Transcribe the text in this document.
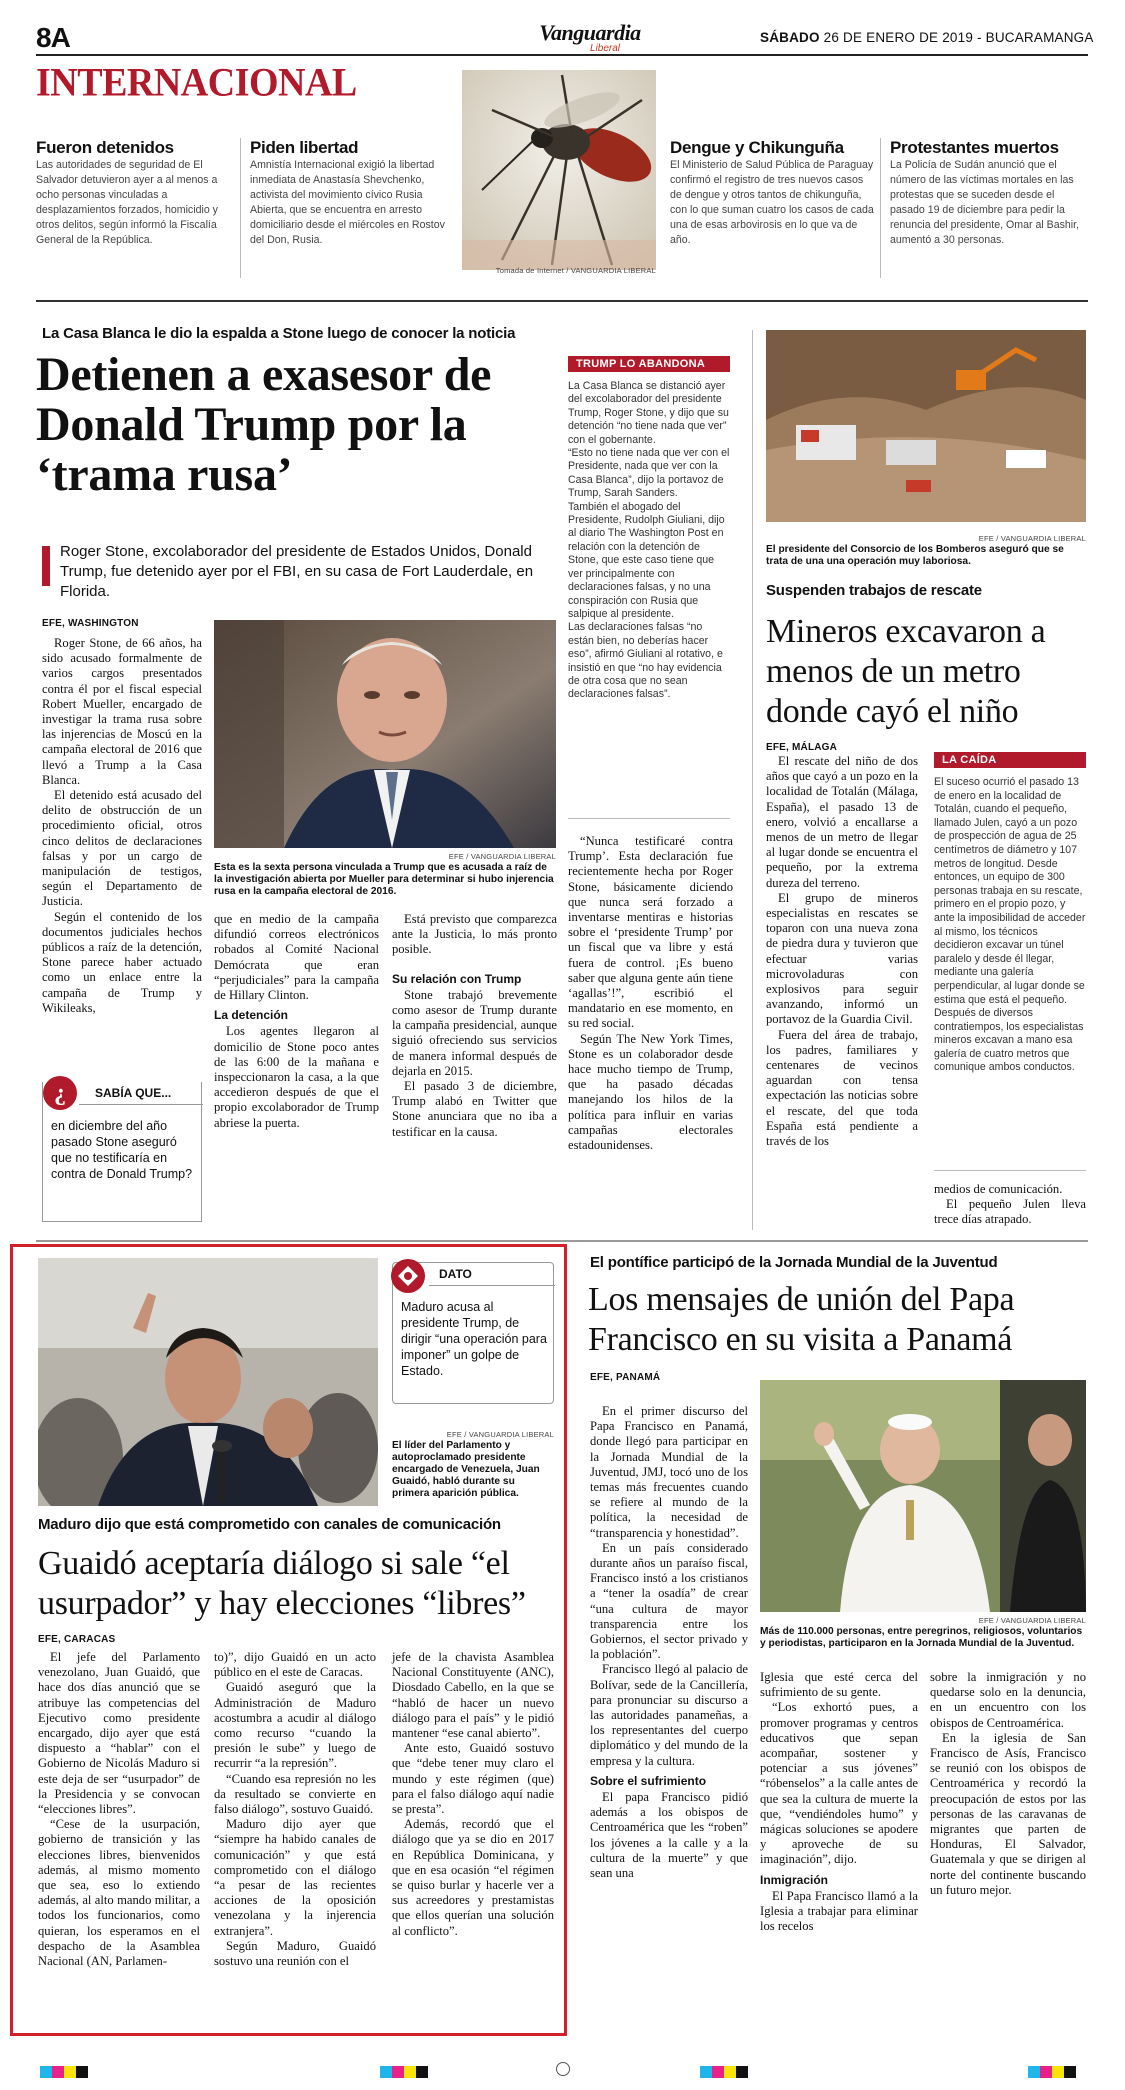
8A	Vanguardia
Liberal
SÁBADO 26 DE ENERO DE 2019 - BUCARAMANGA
INTERNACIONAL
Fueron detenidos
Las autoridades de seguridad de El Salvador detuvieron ayer a al menos a ocho personas vinculadas a desplazamientos forzados, homicidio y otros delitos, según informó la Fiscalía General de la República.
Piden libertad
Amnistía Internacional exigió la libertad inmediata de Anastasía Shevchenko, activista del movimiento cívico Rusia Abierta, que se encuentra en arresto domiciliario desde el miércoles en Rostov del Don, Rusia.
Tomada de Internet / VANGUARDIA LIBERAL
Dengue y Chikunguña
El Ministerio de Salud Pública de Paraguay confirmó el registro de tres nuevos casos de dengue y otros tantos de chikunguña, con lo que suman cuatro los casos de cada una de esas arbovirosis en lo que va de año.
Protestantes muertos
La Policía de Sudán anunció que el número de las víctimas mortales en las protestas que se suceden desde el pasado 19 de diciembre para pedir la renuncia del presidente, Omar al Bashir, aumentó a 30 personas.
La Casa Blanca le dio la espalda a Stone luego de conocer la noticia
Detienen a exasesor de Donald Trump por la ‘trama rusa’
Roger Stone, excolaborador del presidente de Estados Unidos, Donald Trump, fue detenido ayer por el FBI, en su casa de Fort Lauderdale, en Florida.
EFE, WASHINGTON

Roger Stone, de 66 años, ha sido acusado formalmente de varios cargos presentados contra él por el fiscal especial Robert Mueller, encargado de investigar la trama rusa sobre las injerencias de Moscú en la campaña electoral de 2016 que llevó a Trump a la Casa Blanca.

El detenido está acusado del delito de obstrucción de un procedimiento oficial, otros cinco delitos de declaraciones falsas y por un cargo de manipulación de testigos, según el Departamento de Justicia.

Según el contenido de los documentos judiciales hechos públicos a raíz de la detención, Stone parece haber actuado como un enlace entre la campaña de Trump y Wikileaks,

¿	SABÍA QUE...
en diciembre del año pasado Stone aseguró que no testificaría en contra de Donald Trump?
EFE / VANGUARDIA LIBERAL
Esta es la sexta persona vinculada a Trump que es acusada a raíz de la investigación abierta por Mueller para determinar si hubo injerencia rusa en la campaña electoral de 2016.

que en medio de la campaña difundió correos electrónicos robados al Comité Nacional Demócrata que eran “perjudiciales” para la campaña de Hillary Clinton.

La detención

Los agentes llegaron al domicilio de Stone poco antes de las 6:00 de la mañana e inspeccionaron la casa, a la que accedieron después de que el propio excolaborador de Trump abriese la puerta.

Está previsto que comparezca ante la Justicia, lo más pronto posible.

Su relación con Trump

Stone trabajó brevemente como asesor de Trump durante la campaña presidencial, aunque siguió ofreciendo sus servicios de manera informal después de dejarla en 2015.

El pasado 3 de diciembre, Trump alabó en Twitter que Stone anunciara que no iba a testificar en la causa.

TRUMP LO ABANDONA

La Casa Blanca se distanció ayer del excolaborador del presidente Trump, Roger Stone, y dijo que su detención “no tiene nada que ver” con el gobernante.

“Esto no tiene nada que ver con el Presidente, nada que ver con la Casa Blanca”, dijo la portavoz de Trump, Sarah Sanders.

También el abogado del Presidente, Rudolph Giuliani, dijo al diario The Washington Post en relación con la detención de Stone, que este caso tiene que ver principalmente con declaraciones falsas, y no una conspiración con Rusia que salpique al presidente.

Las declaraciones falsas “no están bien, no deberías hacer eso”, afirmó Giuliani al rotativo, e insistió en que “no hay evidencia de otra cosa que no sean declaraciones falsas”.

“Nunca testificaré contra Trump’. Esta declaración fue recientemente hecha por Roger Stone, básicamente diciendo que nunca será forzado a inventarse mentiras e historias sobre el ‘presidente Trump’ por un fiscal que va libre y está fuera de control. ¡Es bueno saber que alguna gente aún tiene ‘agallas’!”, escribió el mandatario en ese momento, en su red social.

Según The New York Times, Stone es un colaborador desde hace mucho tiempo de Trump, que ha pasado décadas manejando los hilos de la política para influir en varias campañas electorales estadounidenses.

EFE / VANGUARDIA LIBERAL
El presidente del Consorcio de los Bomberos aseguró que se trata de una una operación muy laboriosa.
Suspenden trabajos de rescate
Mineros excavaron a menos de un metro donde cayó el niño
EFE, MÁLAGA

El rescate del niño de dos años que cayó a un pozo en la localidad de Totalán (Málaga, España), el pasado 13 de enero, volvió a encallarse a menos de un metro de llegar al lugar donde se encuentra el pequeño, por la extrema dureza del terreno.

El grupo de mineros especialistas en rescates se toparon con una nueva zona de piedra dura y tuvieron que efectuar varias microvoladuras con explosivos para seguir avanzando, informó un portavoz de la Guardia Civil.

Fuera del área de trabajo, los padres, familiares y centenares de vecinos aguardan con tensa expectación las noticias sobre el rescate, del que toda España está pendiente a través de los

LA CAÍDA

El suceso ocurrió el pasado 13 de enero en la localidad de Totalán, cuando el pequeño, llamado Julen, cayó a un pozo de prospección de agua de 25 centímetros de diámetro y 107 metros de longitud. Desde entonces, un equipo de 300 personas trabaja en su rescate, primero en el propio pozo, y ante la imposibilidad de acceder al mismo, los técnicos decidieron excavar un túnel paralelo y desde él llegar, mediante una galería perpendicular, al lugar donde se estima que está el pequeño.

Después de diversos contratiempos, los especialistas mineros excavan a mano esa galería de cuatro metros que comunique ambos conductos.

medios de comunicación.

El pequeño Julen lleva trece días atrapado.

DATO
Maduro acusa al presidente Trump, de dirigir “una operación para imponer” un golpe de Estado.
EFE / VANGUARDIA LIBERAL
El líder del Parlamento y autoproclamado presidente encargado de Venezuela, Juan Guaidó, habló durante su primera aparición pública.
Maduro dijo que está comprometido con canales de comunicación
Guaidó aceptaría diálogo si sale “el usurpador” y hay elecciones “libres”
EFE, CARACAS

El jefe del Parlamento venezolano, Juan Guaidó, que hace dos días anunció que se atribuye las competencias del Ejecutivo como presidente encargado, dijo ayer que está dispuesto a “hablar” con el Gobierno de Nicolás Maduro si este deja de ser “usurpador” de la Presidencia y se convocan “elecciones libres”.

“Cese de la usurpación, gobierno de transición y las elecciones libres, bienvenidos además, al mismo momento que sea, eso lo extiendo además, al alto mando militar, a todos los funcionarios, como quieran, los esperamos en el despacho de la Asamblea Nacional (AN, Parlamen-

to)”, dijo Guaidó en un acto público en el este de Caracas.

Guaidó aseguró que la Administración de Maduro acostumbra a acudir al diálogo como recurso “cuando la presión le sube” y luego de recurrir “a la represión”.

“Cuando esa represión no les da resultado se convierte en falso diálogo”, sostuvo Guaidó.

Maduro dijo ayer que “siempre ha habido canales de comunicación” y que está comprometido con el diálogo “a pesar de las recientes acciones de la oposición venezolana y la injerencia extranjera”.

Según Maduro, Guaidó sostuvo una reunión con el

jefe de la chavista Asamblea Nacional Constituyente (ANC), Diosdado Cabello, en la que se “habló de hacer un nuevo diálogo para el país” y le pidió mantener “ese canal abierto”.

Ante esto, Guaidó sostuvo que “debe tener muy claro el mundo y este régimen (que) para el falso diálogo aquí nadie se presta”.

Además, recordó que el diálogo que ya se dio en 2017 en República Dominicana, y que en esa ocasión “el régimen se quiso burlar y hacerle ver a sus acreedores y prestamistas que ellos querían una solución al conflicto”.

El pontífice participó de la Jornada Mundial de la Juventud
Los mensajes de unión del Papa Francisco en su visita a Panamá
EFE, PANAMÁ

En el primer discurso del Papa Francisco en Panamá, donde llegó para participar en la Jornada Mundial de la Juventud, JMJ, tocó uno de los temas más frecuentes cuando se refiere al mundo de la política, la necesidad de “transparencia y honestidad”.

En un país considerado durante años un paraíso fiscal, Francisco instó a los cristianos a “tener la osadía” de crear “una cultura de mayor transparencia entre los Gobiernos, el sector privado y la población”.

Francisco llegó al palacio de Bolívar, sede de la Cancillería, para pronunciar su discurso a las autoridades panameñas, a los representantes del cuerpo diplomático y del mundo de la empresa y la cultura.

Sobre el sufrimiento

El papa Francisco pidió además a los obispos de Centroamérica que les “roben” los jóvenes a la calle y a la cultura de la muerte” y que sean una

EFE / VANGUARDIA LIBERAL
Más de 110.000 personas, entre peregrinos, religiosos, voluntarios y periodistas, participaron en la Jornada Mundial de la Juventud.

Iglesia que esté cerca del sufrimiento de su gente.

“Los exhortó pues, a promover programas y centros educativos que sepan acompañar, sostener y potenciar a sus jóvenes” “róbenselos” a la calle antes de que sea la cultura de muerte la que, “vendiéndoles humo” y mágicas soluciones se apodere y aproveche de su imaginación”, dijo.

Inmigración

El Papa Francisco llamó a la Iglesia a trabajar para eliminar los recelos

sobre la inmigración y no quedarse solo en la denuncia, en un encuentro con los obispos de Centroamérica.

En la iglesia de San Francisco de Asís, Francisco se reunió con los obispos de Centroamérica y recordó la preocupación de estos por las personas de las caravanas de migrantes que parten de Honduras, El Salvador, Guatemala y que se dirigen al norte del continente buscando un futuro mejor.
